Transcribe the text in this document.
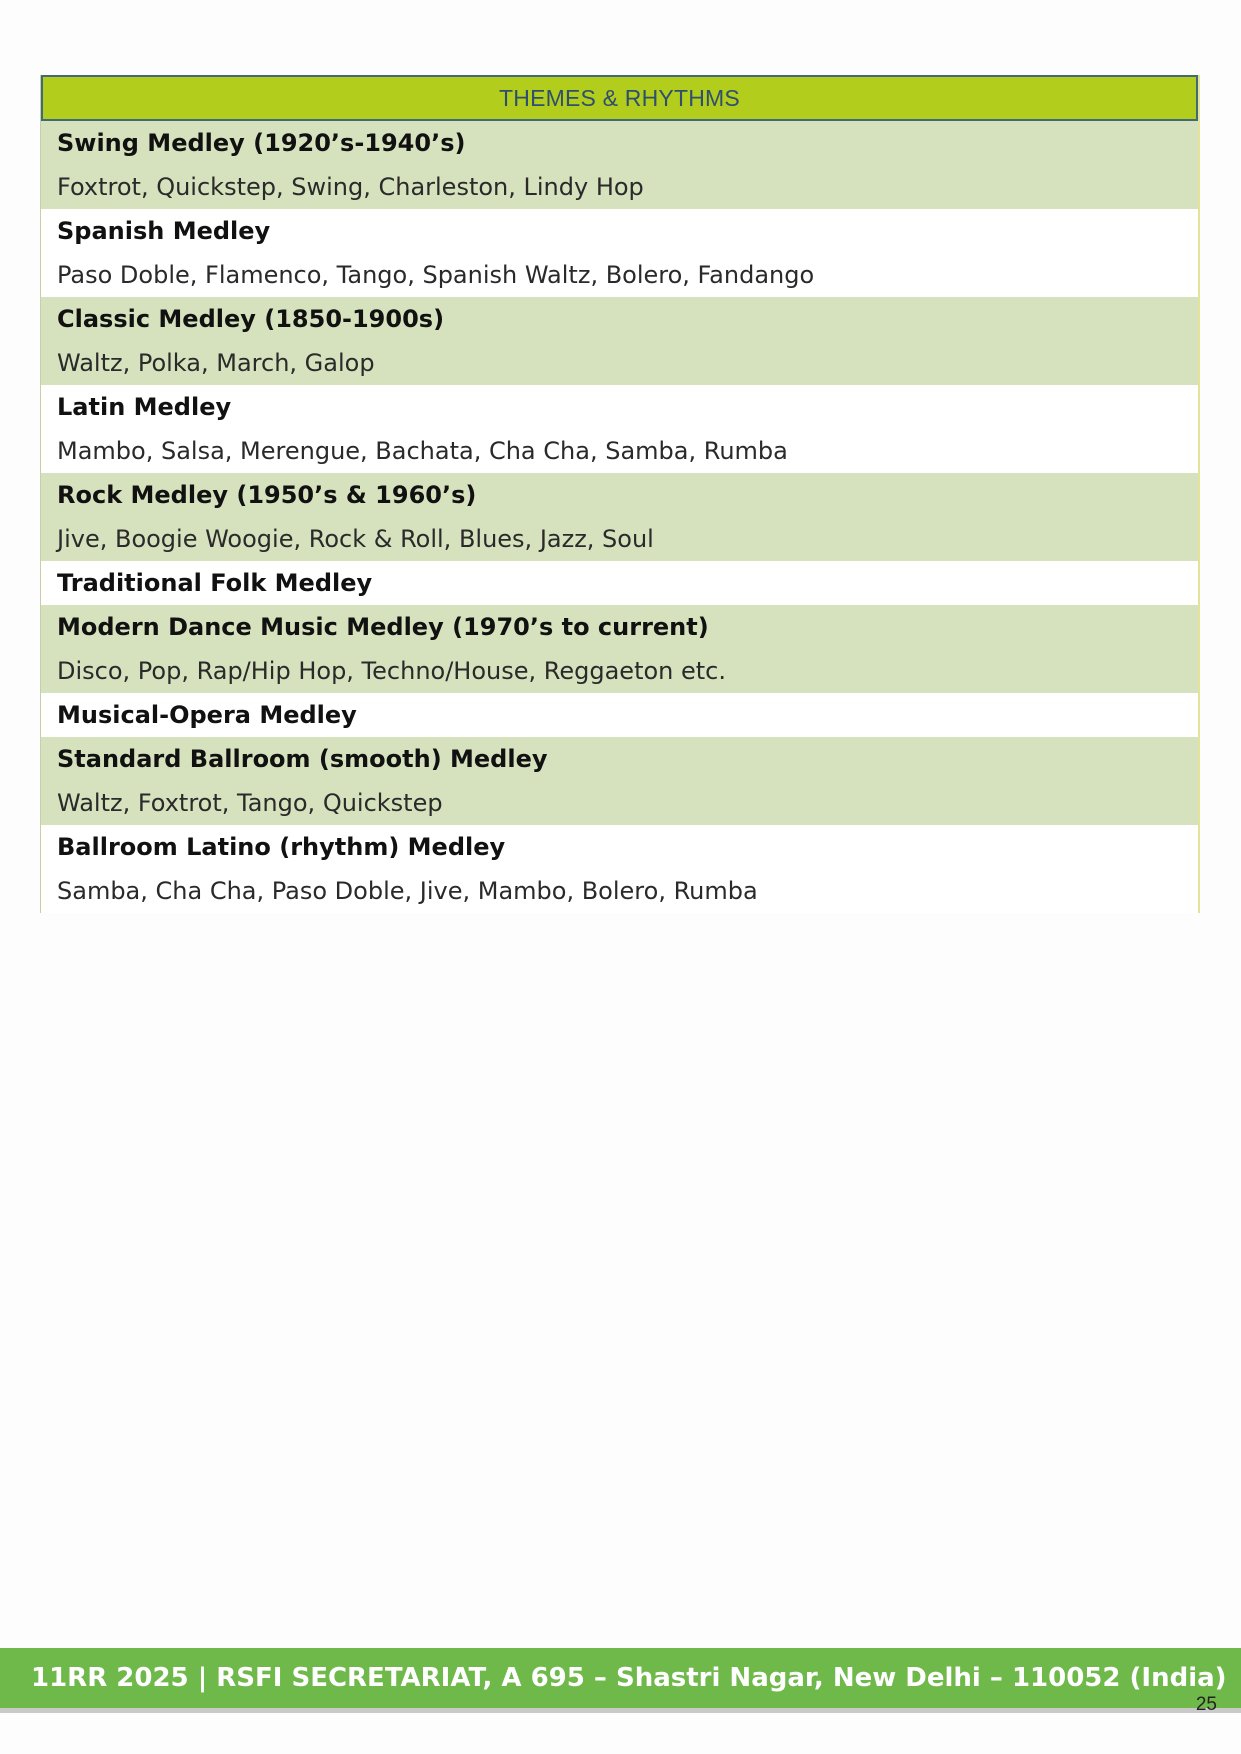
THEMES & RHYTHMS
Swing Medley (1920’s-1940’s)
Foxtrot, Quickstep, Swing, Charleston, Lindy Hop
Spanish Medley
Paso Doble, Flamenco, Tango, Spanish Waltz, Bolero, Fandango
Classic Medley (1850-1900s)
Waltz, Polka, March, Galop
Latin Medley
Mambo, Salsa, Merengue, Bachata, Cha Cha, Samba, Rumba
Rock Medley (1950’s & 1960’s)
Jive, Boogie Woogie, Rock & Roll, Blues, Jazz, Soul
Traditional Folk Medley
Modern Dance Music Medley (1970’s to current)
Disco, Pop, Rap/Hip Hop, Techno/House, Reggaeton etc.
Musical-Opera Medley
Standard Ballroom (smooth) Medley
Waltz, Foxtrot, Tango, Quickstep
Ballroom Latino (rhythm) Medley
Samba, Cha Cha, Paso Doble, Jive, Mambo, Bolero, Rumba
11RR 2025 | RSFI SECRETARIAT, A 695 – Shastri Nagar, New Delhi – 110052 (India)
25
